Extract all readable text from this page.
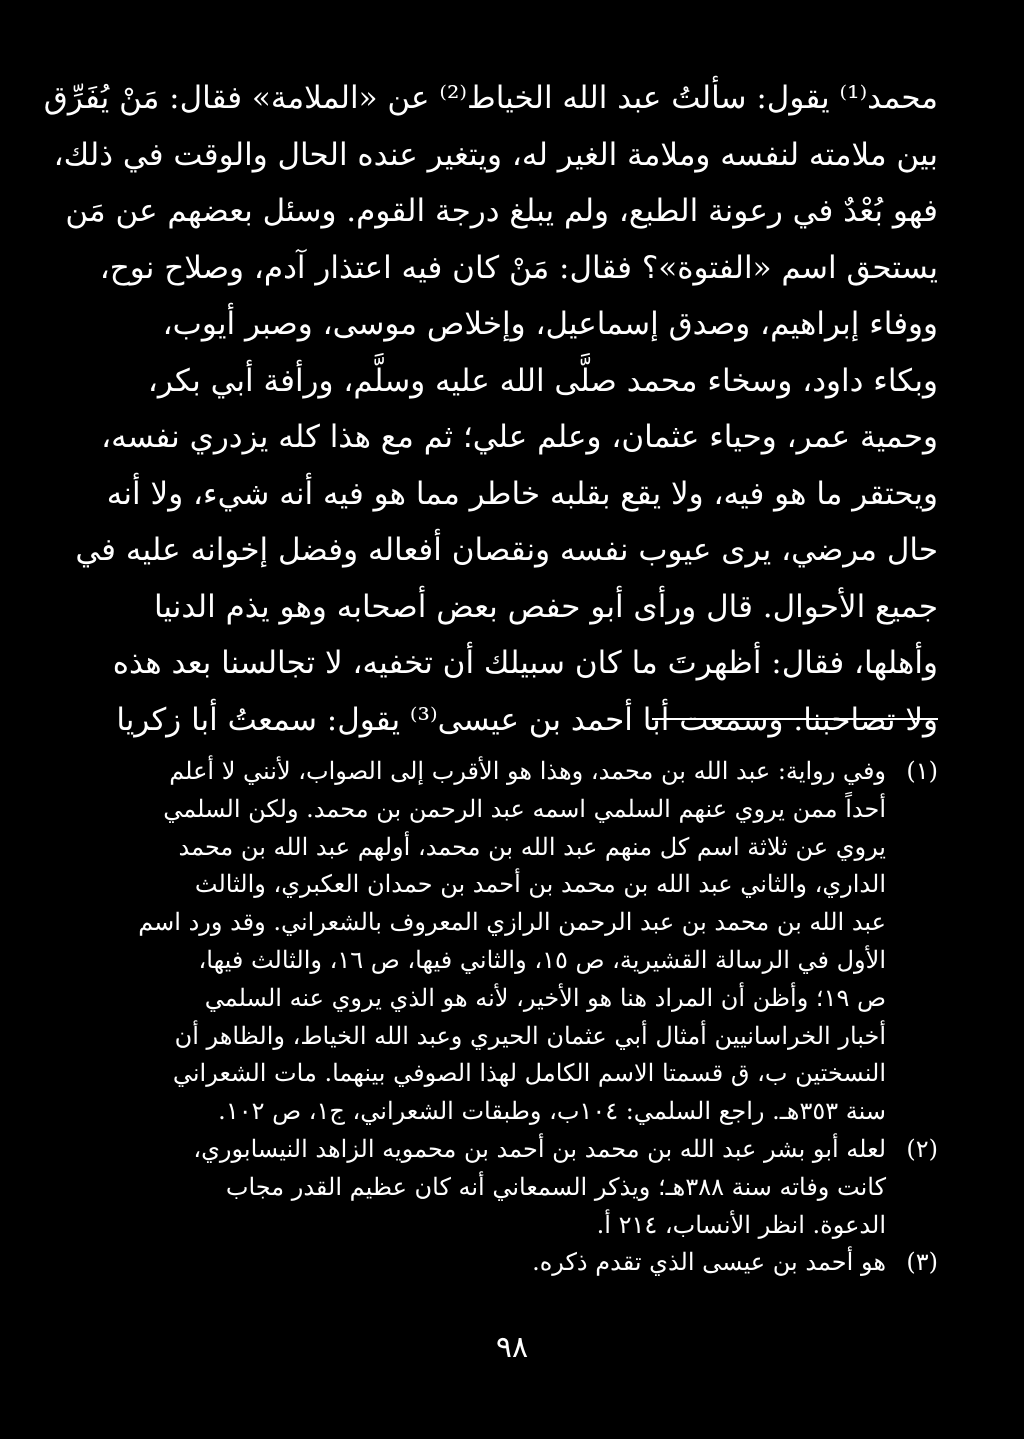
محمد⁽¹⁾ يقول: سألتُ عبد الله الخياط⁽²⁾ عن «الملامة» فقال: مَنْ يُفَرِّق
بين ملامته لنفسه وملامة الغير له، ويتغير عنده الحال والوقت في ذلك،
فهو بُعْدٌ في رعونة الطبع، ولم يبلغ درجة القوم. وسئل بعضهم عن مَن
يستحق اسم «الفتوة»؟ فقال: مَنْ كان فيه اعتذار آدم، وصلاح نوح،
ووفاء إبراهيم، وصدق إسماعيل، وإخلاص موسى، وصبر أيوب،
وبكاء داود، وسخاء محمد صلَّى الله عليه وسلَّم، ورأفة أبي بكر،
وحمية عمر، وحياء عثمان، وعلم علي؛ ثم مع هذا كله يزدري نفسه،
ويحتقر ما هو فيه، ولا يقع بقلبه خاطر مما هو فيه أنه شيء، ولا أنه
حال مرضي، يرى عيوب نفسه ونقصان أفعاله وفضل إخوانه عليه في
جميع الأحوال. قال ورأى أبو حفص بعض أصحابه وهو يذم الدنيا
وأهلها، فقال: أظهرتَ ما كان سبيلك أن تخفيه، لا تجالسنا بعد هذه
ولا تصاحبنا. وسمعت أبا أحمد بن عيسى⁽³⁾ يقول: سمعتُ أبا زكريا
(١)وفي رواية: عبد الله بن محمد، وهذا هو الأقرب إلى الصواب، لأنني لا أعلم
أحداً ممن يروي عنهم السلمي اسمه عبد الرحمن بن محمد. ولكن السلمي
يروي عن ثلاثة اسم كل منهم عبد الله بن محمد، أولهم عبد الله بن محمد
الداري، والثاني عبد الله بن محمد بن أحمد بن حمدان العكبري، والثالث
عبد الله بن محمد بن عبد الرحمن الرازي المعروف بالشعراني. وقد ورد اسم
الأول في الرسالة القشيرية، ص ١٥، والثاني فيها، ص ١٦، والثالث فيها،
ص ١٩؛ وأظن أن المراد هنا هو الأخير، لأنه هو الذي يروي عنه السلمي
أخبار الخراسانيين أمثال أبي عثمان الحيري وعبد الله الخياط، والظاهر أن
النسختين ب، ق قسمتا الاسم الكامل لهذا الصوفي بينهما. مات الشعراني
سنة ٣٥٣هـ. راجع السلمي: ١٠٤ب، وطبقات الشعراني، ج١، ص ١٠٢.
(٢)لعله أبو بشر عبد الله بن محمد بن أحمد بن محمويه الزاهد النيسابوري،
كانت وفاته سنة ٣٨٨هـ؛ ويذكر السمعاني أنه كان عظيم القدر مجاب
الدعوة. انظر الأنساب، ٢١٤ أ.
(٣)هو أحمد بن عيسى الذي تقدم ذكره.
٩٨
